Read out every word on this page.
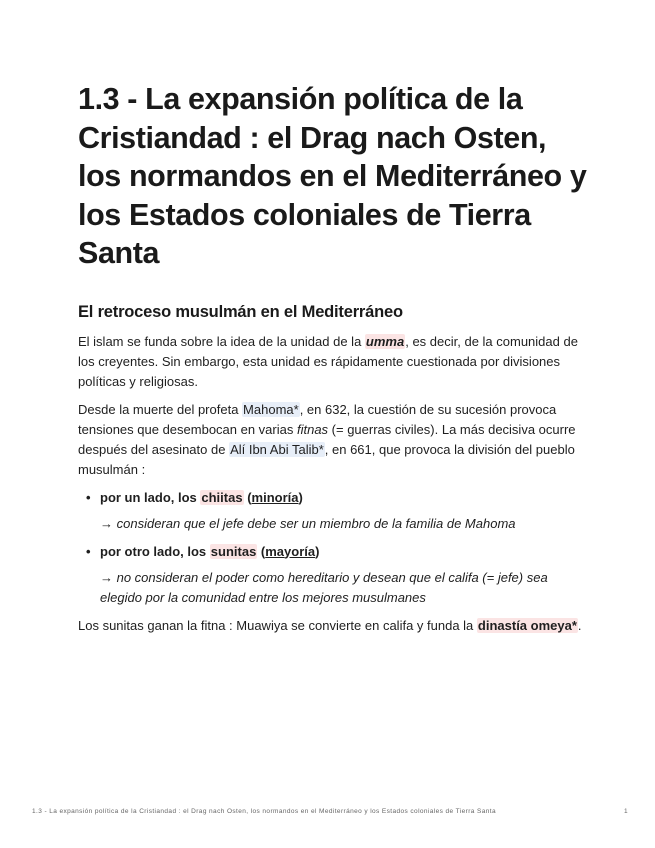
1.3 - La expansión política de la Cristiandad : el Drag nach Osten, los normandos en el Mediterráneo y los Estados coloniales de Tierra Santa
El retroceso musulmán en el Mediterráneo

El islam se funda sobre la idea de la unidad de la umma, es decir, de la comunidad de los creyentes. Sin embargo, esta unidad es rápidamente cuestionada por divisiones políticas y religiosas.

Desde la muerte del profeta Mahoma*, en 632, la cuestión de su sucesión provoca tensiones que desembocan en varias fitnas (= guerras civiles). La más decisiva ocurre después del asesinato de Alí Ibn Abi Talib*, en 661, que provoca la división del pueblo musulmán :

• por un lado, los chiitas (minoría)
→ consideran que el jefe debe ser un miembro de la familia de Mahoma
• por otro lado, los sunitas (mayoría)
→ no consideran el poder como hereditario y desean que el califa (= jefe) sea elegido por la comunidad entre los mejores musulmanes

Los sunitas ganan la fitna : Muawiya se convierte en califa y funda la dinastía omeya*.

1.3 - La expansión política de la Cristiandad : el Drag nach Osten, los normandos en el Mediterráneo y los Estados coloniales de Tierra Santa	1
